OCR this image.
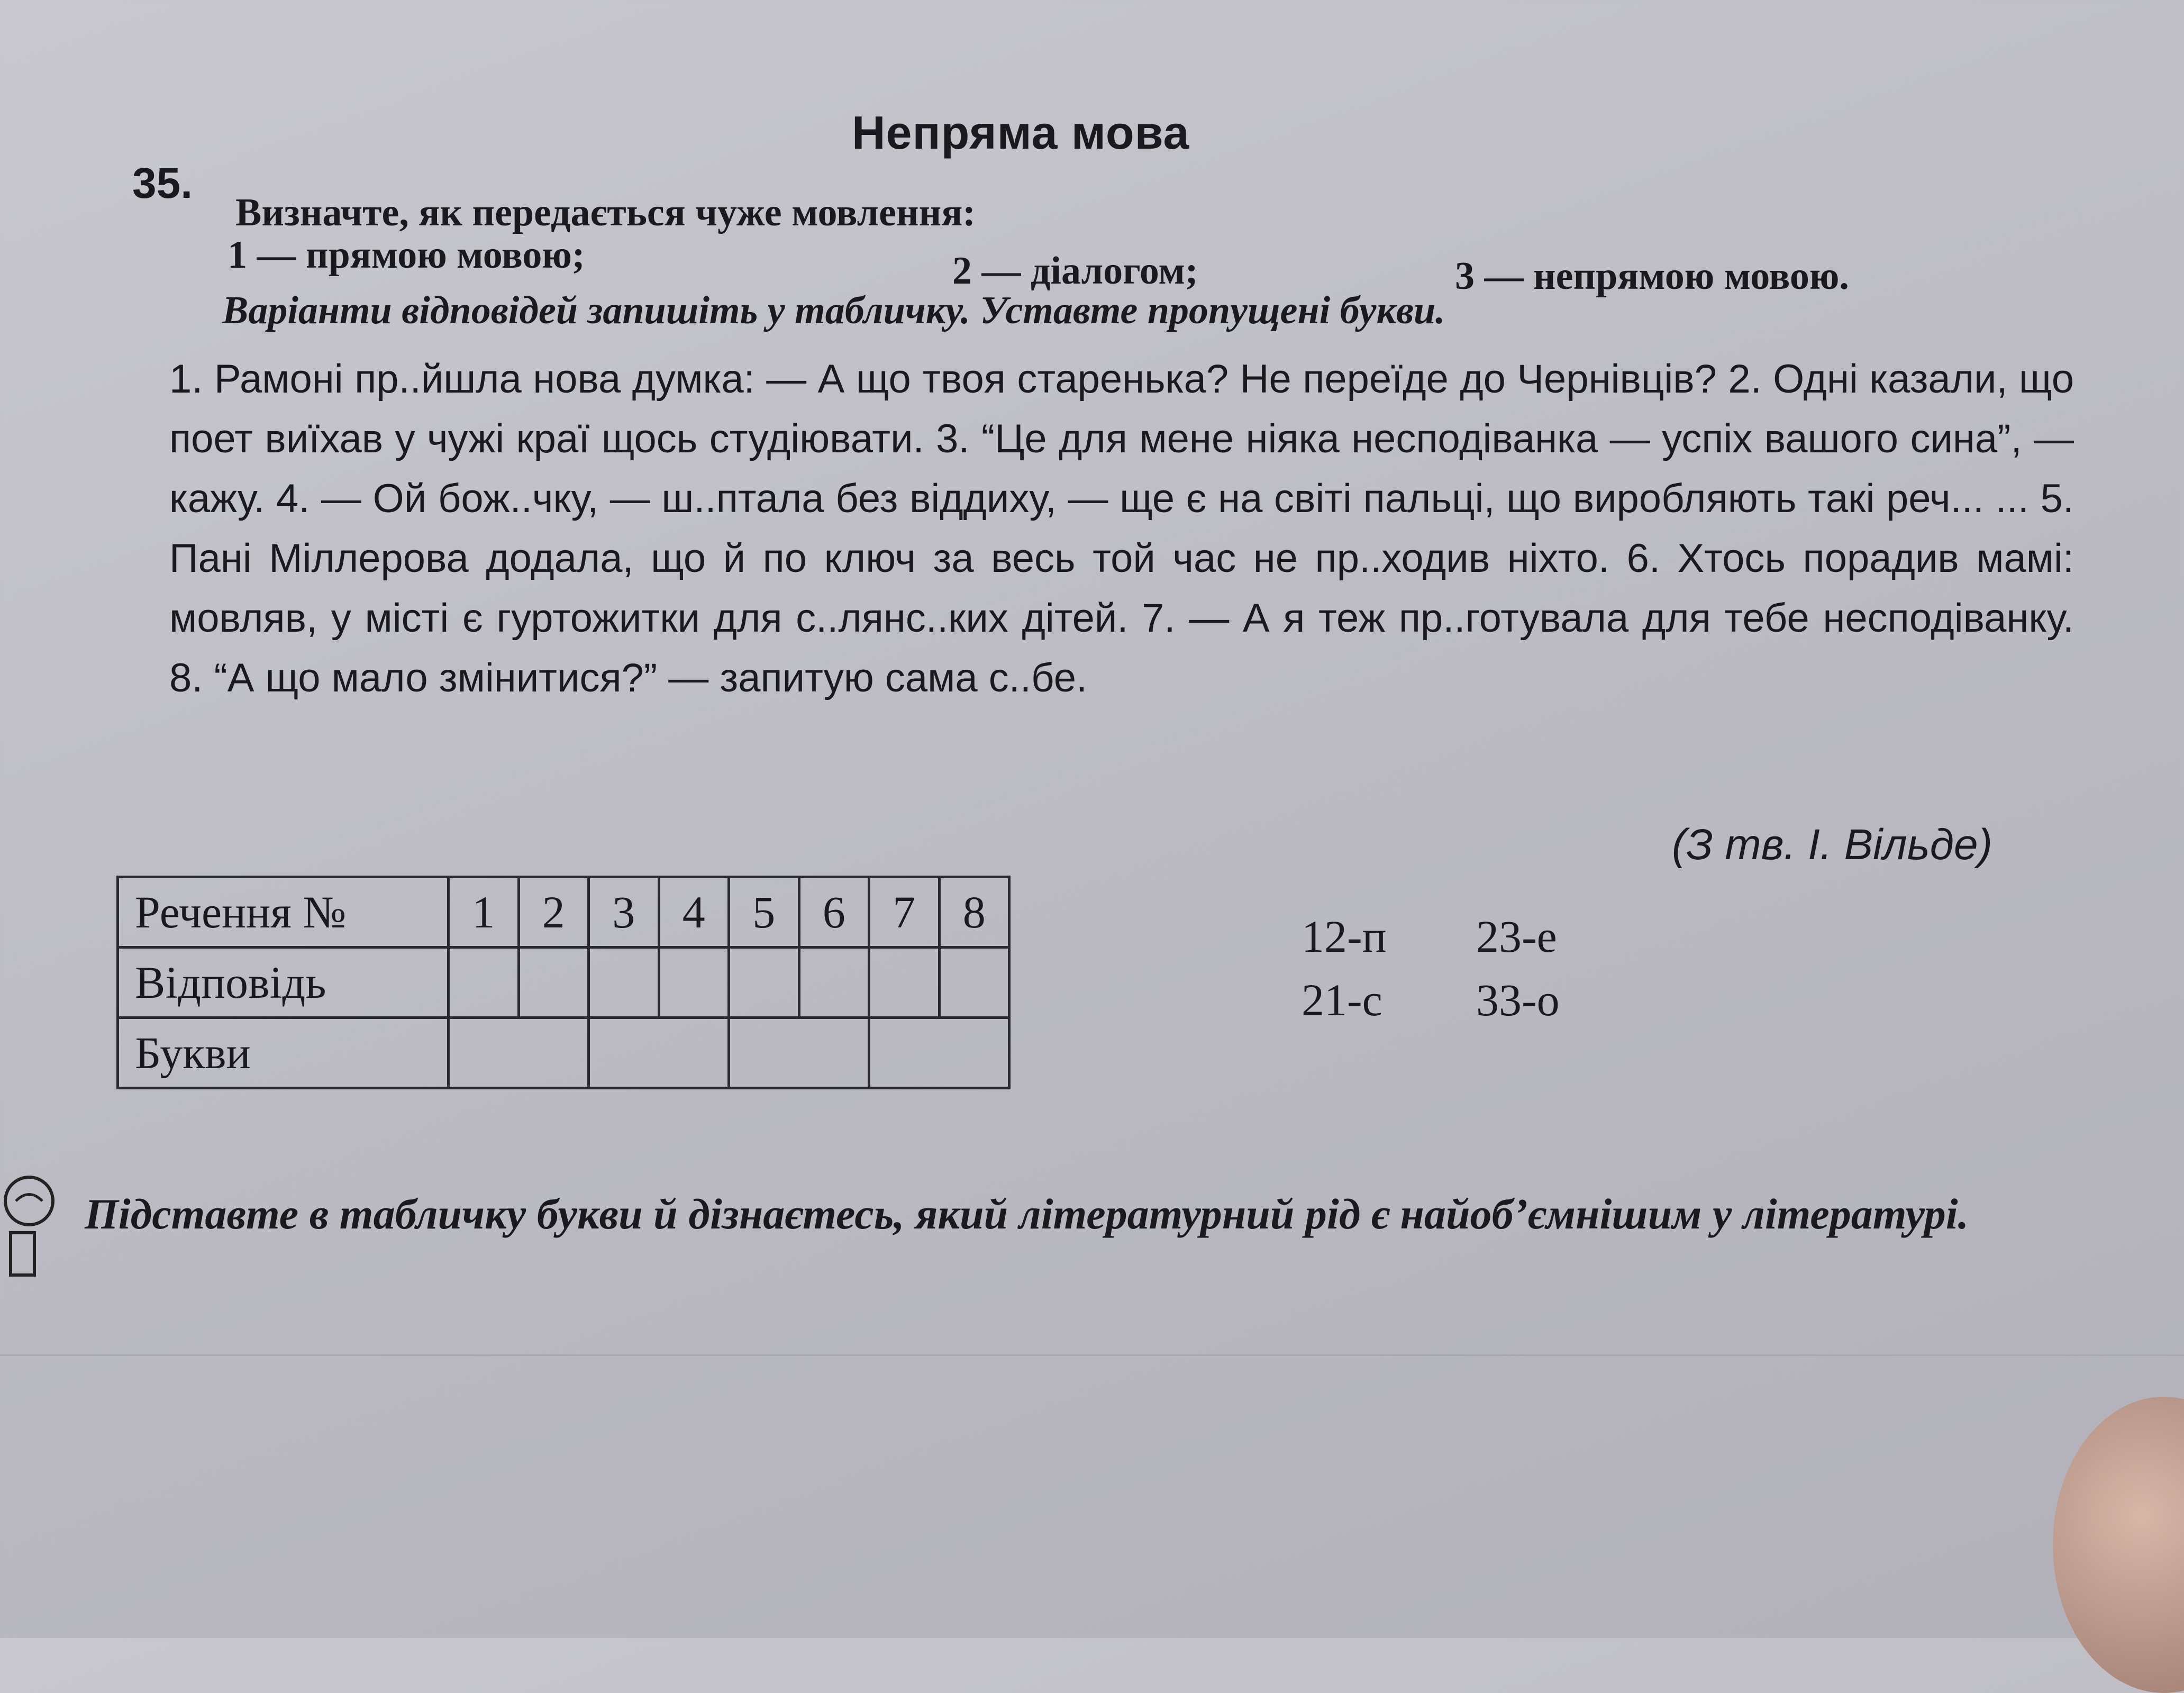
Непряма мова
35.
Визначте, як передається чуже мовлення:
1 — прямою мовою;	2 — діалогом;	3 — непрямою мовою.
Варіанти відповідей запишіть у табличку. Уставте пропущені букви.
1. Рамоні пр..йшла нова думка: — А що твоя старенька? Не переїде до Чернівців? 2. Одні казали, що поет виїхав у чужі краї щось студіювати. 3. “Це для мене ніяка несподіванка — успіх вашого сина”, — кажу. 4. — Ой бож..чку, — ш..птала без віддиху, — ще є на світі пальці, що виробляють такі реч... ... 5. Пані Міллерова додала, що й по ключ за весь той час не пр..ходив ніхто. 6. Хтось порадив мамі: мовляв, у місті є гуртожитки для с..лянс..ких дітей. 7. — А я теж пр..готувала для тебе несподіванку. 8. “А що мало змінитися?” — запитую сама с..бе.
(З тв. І. Вільде)
Речення №	1	2	3	4	5	6	7	8
Відповідь								
Букви								
12-п	23-е
21-с	33-о
Підставте в табличку букви й дізнаєтесь, який літературний рід є найоб’ємнішим у літературі.
